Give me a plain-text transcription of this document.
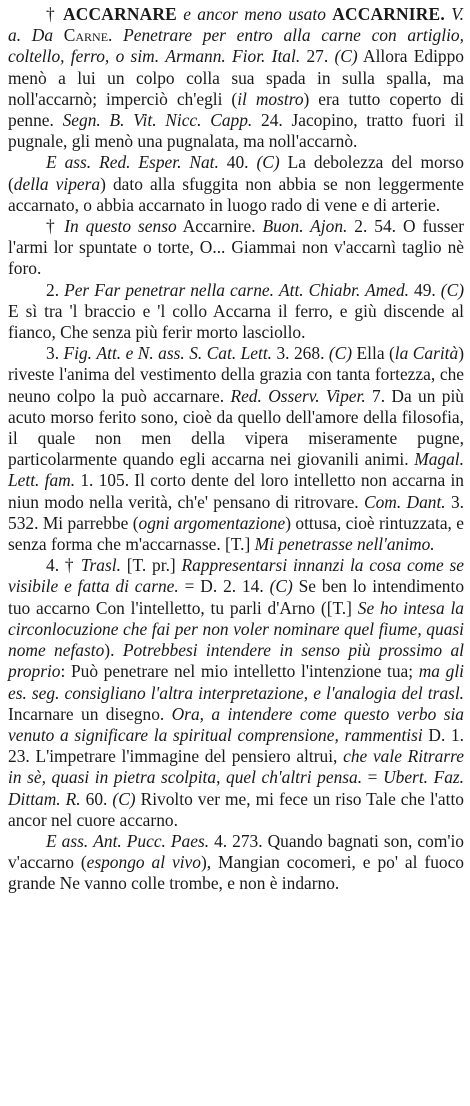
† ACCARNARE e ancor meno usato ACCARNIRE. V. a. Da Carne. Penetrare per entro alla carne con artiglio, coltello, ferro, o sim. Armann. Fior. Ital. 27. (C) Allora Edippo menò a lui un colpo colla sua spada in sulla spalla, ma noll'accarnò; imperciò ch'egli (il mostro) era tutto coperto di penne. Segn. B. Vit. Nicc. Capp. 24. Jacopino, tratto fuori il pugnale, gli menò una pugnalata, ma noll'accarnò.

E ass. Red. Esper. Nat. 40. (C) La debolezza del morso (della vipera) dato alla sfuggita non abbia se non leggermente accarnato, o abbia accarnato in luogo rado di vene e di arterie.

† In questo senso Accarnire. Buon. Ajon. 2. 54. O fusser l'armi lor spuntate o torte, O... Giammai non v'accarnì taglio nè foro.

2. Per Far penetrar nella carne. Att. Chiabr. Amed. 49. (C) E sì tra 'l braccio e 'l collo Accarna il ferro, e giù discende al fianco, Che senza più ferir morto lasciollo.

3. Fig. Att. e N. ass. S. Cat. Lett. 3. 268. (C) Ella (la Carità) riveste l'anima del vestimento della grazia con tanta fortezza, che neuno colpo la può accarnare. Red. Osserv. Viper. 7. Da un più acuto morso ferito sono, cioè da quello dell'amore della filosofia, il quale non men della vipera miseramente pugne, particolarmente quando egli accarna nei giovanili animi. Magal. Lett. fam. 1. 105. Il corto dente del loro intelletto non accarna in niun modo nella verità, ch'e' pensano di ritrovare. Com. Dant. 3. 532. Mi parrebbe (ogni argomentazione) ottusa, cioè rintuzzata, e senza forma che m'accarnasse. [T.] Mi penetrasse nell'animo.

4. † Trasl. [T. pr.] Rappresentarsi innanzi la cosa come se visibile e fatta di carne. = D. 2. 14. (C) Se ben lo intendimento tuo accarno Con l'intelletto, tu parli d'Arno ([T.] Se ho intesa la circonlocuzione che fai per non voler nominare quel fiume, quasi nome nefasto). Potrebbesi intendere in senso più prossimo al proprio: Può penetrare nel mio intelletto l'intenzione tua; ma gli es. seg. consigliano l'altra interpretazione, e l'analogia del trasl. Incarnare un disegno. Ora, a intendere come questo verbo sia venuto a significare la spiritual comprensione, rammentisi D. 1. 23. L'impetrare l'immagine del pensiero altrui, che vale Ritrarre in sè, quasi in pietra scolpita, quel ch'altri pensa. = Ubert. Faz. Dittam. R. 60. (C) Rivolto ver me, mi fece un riso Tale che l'atto ancor nel cuore accarno.

E ass. Ant. Pucc. Paes. 4. 273. Quando bagnati son, com'io v'accarno (espongo al vivo), Mangian cocomeri, e po' al fuoco grande Ne vanno colle trombe, e non è indarno.
